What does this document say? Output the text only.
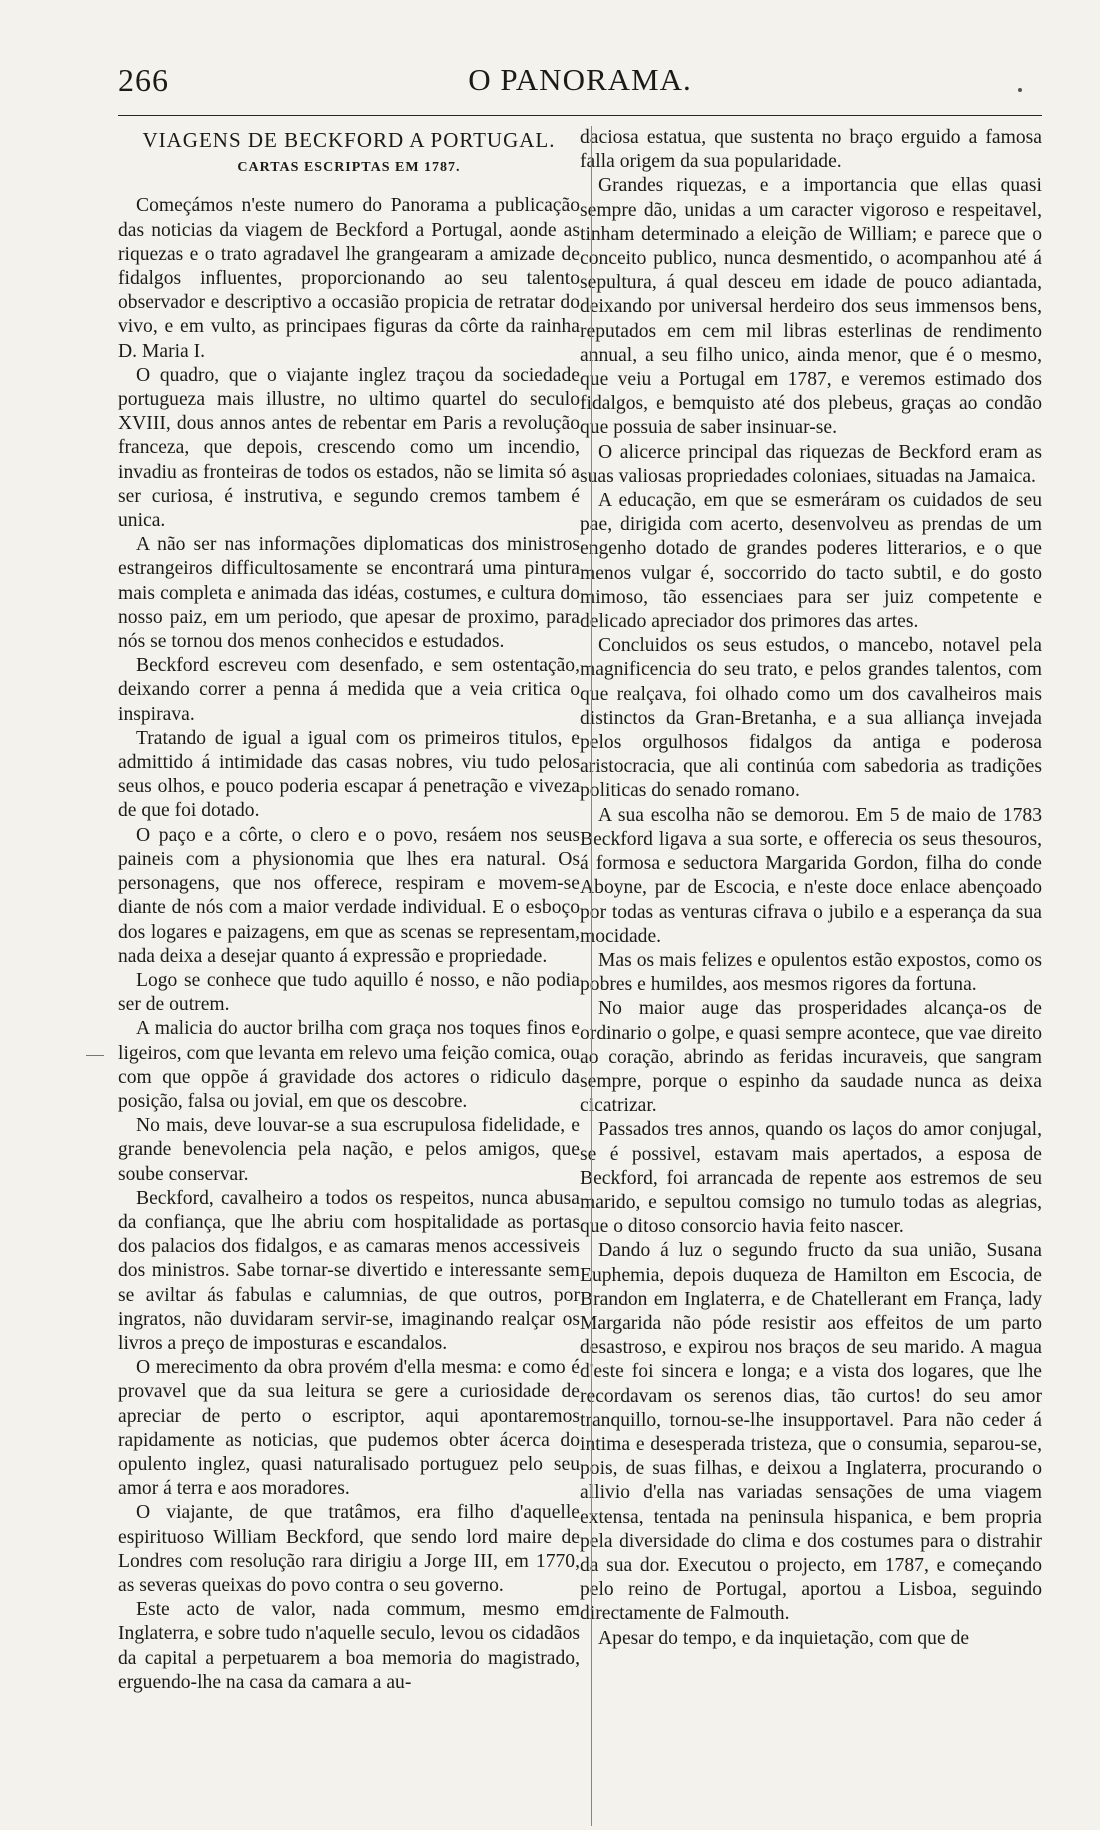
266	O PANORAMA.
VIAGENS DE BECKFORD A PORTUGAL.
CARTAS ESCRIPTAS EM 1787.

Começámos n'este numero do Panorama a publicação das noticias da viagem de Beckford a Portugal, aonde as riquezas e o trato agradavel lhe grangearam a amizade de fidalgos influentes, proporcionando ao seu talento observador e descriptivo a occasião propicia de retratar do vivo, e em vulto, as principaes figuras da côrte da rainha D. Maria I.

O quadro, que o viajante inglez traçou da sociedade portugueza mais illustre, no ultimo quartel do seculo XVIII, dous annos antes de rebentar em Paris a revolução franceza, que depois, crescendo como um incendio, invadiu as fronteiras de todos os estados, não se limita só a ser curiosa, é instrutiva, e segundo cremos tambem é unica.

A não ser nas informações diplomaticas dos ministros estrangeiros difficultosamente se encontrará uma pintura mais completa e animada das idéas, costumes, e cultura do nosso paiz, em um periodo, que apesar de proximo, para nós se tornou dos menos conhecidos e estudados.

Beckford escreveu com desenfado, e sem ostentação, deixando correr a penna á medida que a veia critica o inspirava.

Tratando de igual a igual com os primeiros titulos, e admittido á intimidade das casas nobres, viu tudo pelos seus olhos, e pouco poderia escapar á penetração e viveza de que foi dotado.

O paço e a côrte, o clero e o povo, resáem nos seus paineis com a physionomia que lhes era natural. Os personagens, que nos offerece, respiram e movem-se diante de nós com a maior verdade individual. E o esboço dos logares e paizagens, em que as scenas se representam, nada deixa a desejar quanto á expressão e propriedade.

Logo se conhece que tudo aquillo é nosso, e não podia ser de outrem.

A malicia do auctor brilha com graça nos toques finos e ligeiros, com que levanta em relevo uma feição comica, ou com que oppõe á gravidade dos actores o ridiculo da posição, falsa ou jovial, em que os descobre.

No mais, deve louvar-se a sua escrupulosa fidelidade, e grande benevolencia pela nação, e pelos amigos, que soube conservar.

Beckford, cavalheiro a todos os respeitos, nunca abusa da confiança, que lhe abriu com hospitalidade as portas dos palacios dos fidalgos, e as camaras menos accessiveis dos ministros. Sabe tornar-se divertido e interessante sem se aviltar ás fabulas e calumnias, de que outros, por ingratos, não duvidaram servir-se, imaginando realçar os livros a preço de imposturas e escandalos.

O merecimento da obra provém d'ella mesma: e como é provavel que da sua leitura se gere a curiosidade de apreciar de perto o escriptor, aqui apontaremos rapidamente as noticias, que pudemos obter ácerca do opulento inglez, quasi naturalisado portuguez pelo seu amor á terra e aos moradores.

O viajante, de que tratâmos, era filho d'aquelle espirituoso William Beckford, que sendo lord maire de Londres com resolução rara dirigiu a Jorge III, em 1770, as severas queixas do povo contra o seu governo.

Este acto de valor, nada commum, mesmo em Inglaterra, e sobre tudo n'aquelle seculo, levou os cidadãos da capital a perpetuarem a boa memoria do magistrado, erguendo-lhe na casa da camara a au-

daciosa estatua, que sustenta no braço erguido a famosa falla origem da sua popularidade.

Grandes riquezas, e a importancia que ellas quasi sempre dão, unidas a um caracter vigoroso e respeitavel, tinham determinado a eleição de William; e parece que o conceito publico, nunca desmentido, o acompanhou até á sepultura, á qual desceu em idade de pouco adiantada, deixando por universal herdeiro dos seus immensos bens, reputados em cem mil libras esterlinas de rendimento annual, a seu filho unico, ainda menor, que é o mesmo, que veiu a Portugal em 1787, e veremos estimado dos fidalgos, e bemquisto até dos plebeus, graças ao condão que possuia de saber insinuar-se.

O alicerce principal das riquezas de Beckford eram as suas valiosas propriedades coloniaes, situadas na Jamaica.

A educação, em que se esmeráram os cuidados de seu pae, dirigida com acerto, desenvolveu as prendas de um engenho dotado de grandes poderes litterarios, e o que menos vulgar é, soccorrido do tacto subtil, e do gosto mimoso, tão essenciaes para ser juiz competente e delicado apreciador dos primores das artes.

Concluidos os seus estudos, o mancebo, notavel pela magnificencia do seu trato, e pelos grandes talentos, com que realçava, foi olhado como um dos cavalheiros mais distinctos da Gran-Bretanha, e a sua alliança invejada pelos orgulhosos fidalgos da antiga e poderosa aristocracia, que ali continúa com sabedoria as tradições politicas do senado romano.

A sua escolha não se demorou. Em 5 de maio de 1783 Beckford ligava a sua sorte, e offerecia os seus thesouros, á formosa e seductora Margarida Gordon, filha do conde Aboyne, par de Escocia, e n'este doce enlace abençoado por todas as venturas cifrava o jubilo e a esperança da sua mocidade.

Mas os mais felizes e opulentos estão expostos, como os pobres e humildes, aos mesmos rigores da fortuna.

No maior auge das prosperidades alcança-os de ordinario o golpe, e quasi sempre acontece, que vae direito ao coração, abrindo as feridas incuraveis, que sangram sempre, porque o espinho da saudade nunca as deixa cicatrizar.

Passados tres annos, quando os laços do amor conjugal, se é possivel, estavam mais apertados, a esposa de Beckford, foi arrancada de repente aos estremos de seu marido, e sepultou comsigo no tumulo todas as alegrias, que o ditoso consorcio havia feito nascer.

Dando á luz o segundo fructo da sua união, Susana Euphemia, depois duqueza de Hamilton em Escocia, de Brandon em Inglaterra, e de Chatellerant em França, lady Margarida não póde resistir aos effeitos de um parto desastroso, e expirou nos braços de seu marido. A magua d'este foi sincera e longa; e a vista dos logares, que lhe recordavam os serenos dias, tão curtos! do seu amor tranquillo, tornou-se-lhe insupportavel. Para não ceder á intima e desesperada tristeza, que o consumia, separou-se, pois, de suas filhas, e deixou a Inglaterra, procurando o allivio d'ella nas variadas sensações de uma viagem extensa, tentada na peninsula hispanica, e bem propria pela diversidade do clima e dos costumes para o distrahir da sua dor. Executou o projecto, em 1787, e começando pelo reino de Portugal, aportou a Lisboa, seguindo directamente de Falmouth.

Apesar do tempo, e da inquietação, com que de
